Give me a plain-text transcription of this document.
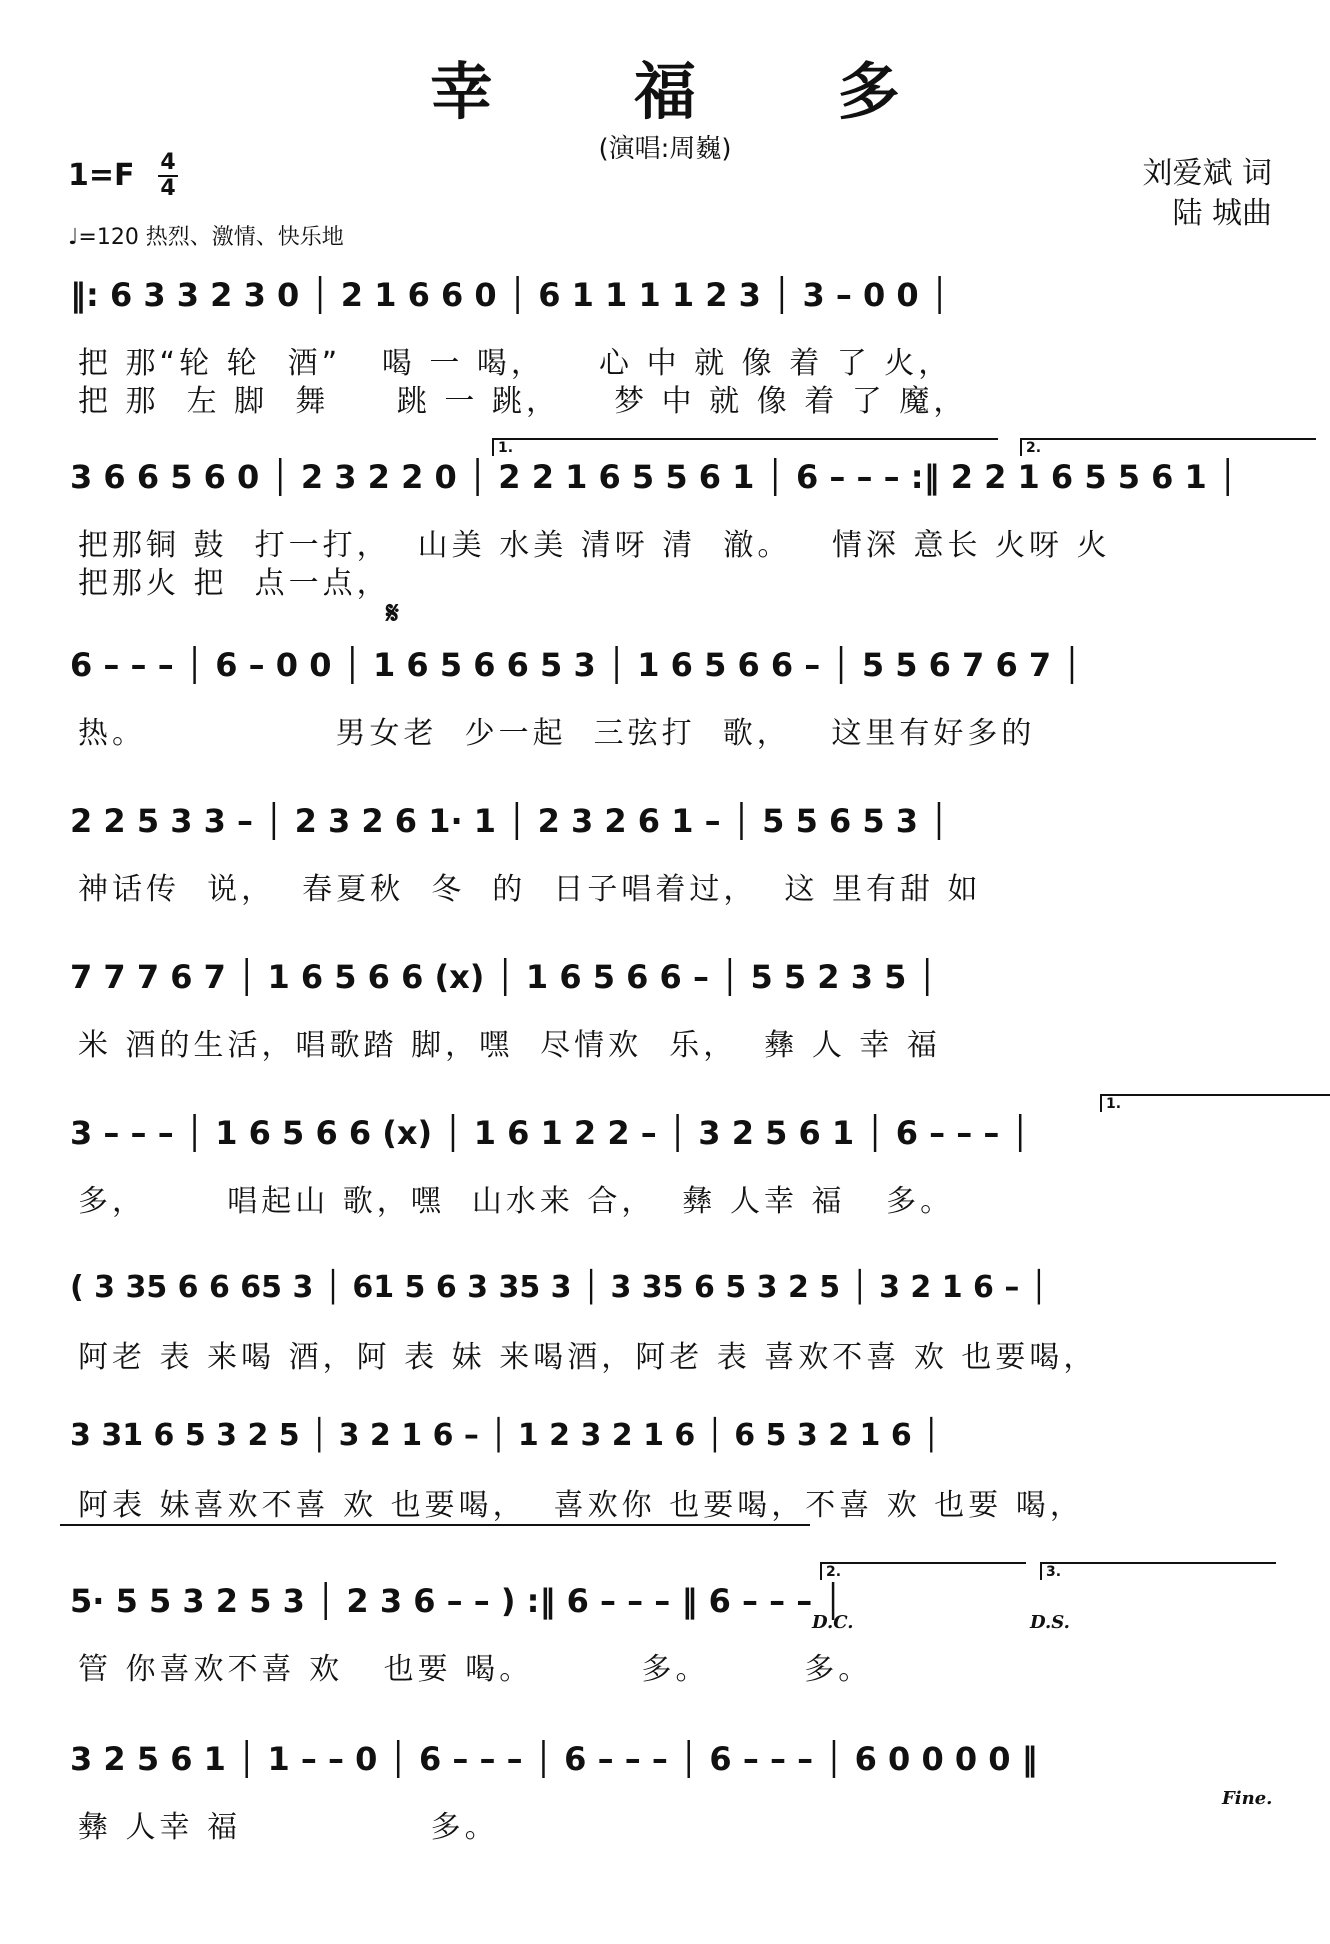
幸 福 多
(演唱:周巍)
刘爱斌 词
陆 城曲
1=F 4
4
♩=120 热烈、激情、快乐地
‖: 6 3 3 2 3 0 │ 2 1 6 6 0 │ 6 1 1 1 1 2 3 │ 3 – 0 0 │
把 那“轮 轮  酒”   喝 一 喝，    心 中 就 像 着 了 火，
把 那  左 脚  舞     跳 一 跳，    梦 中 就 像 着 了 魔，
1.	2.
3 6 6 5 6 0 │ 2 3 2 2 0 │ 2 2 1 6 5 5 6 1 │ 6 – – – :‖ 2 2 1 6 5 5 6 1 │
把那铜 鼓  打一打，  山美 水美 清呀 清  澈。   情深 意长 火呀 火
把那火 把  点一点，
𝄋
6 – – – │ 6 – 0 0 │ 1 6 5 6 6 5 3 │ 1 6 5 6 6 – │ 5 5 6 7 6 7 │
热。              男女老  少一起  三弦打  歌，   这里有好多的
2 2 5 3 3 – │ 2 3 2 6 1· 1 │ 2 3 2 6 1 – │ 5 5 6 5 3 │
神话传  说，  春夏秋  冬  的  日子唱着过，  这 里有甜 如
7 7 7 6 7 │ 1 6 5 6 6 (x) │ 1 6 5 6 6 – │ 5 5 2 3 5 │
米 酒的生活，唱歌踏 脚，嘿  尽情欢  乐，  彝 人 幸 福
1.
3 – – – │ 1 6 5 6 6 (x) │ 1 6 1 2 2 – │ 3 2 5 6 1 │ 6 – – – │
多，      唱起山 歌，嘿  山水来 合，  彝 人幸 福   多。
( 3 35 6 6 65 3 │ 61 5 6 3 35 3 │ 3 35 6 5 3 2 5 │ 3 2 1 6 – │
阿老 表 来喝 酒，阿 表 妹 来喝酒，阿老 表 喜欢不喜 欢 也要喝，
3 31 6 5 3 2 5 │ 3 2 1 6 – │ 1 2 3 2 1 6 │ 6 5 3 2 1 6 │
阿表 妹喜欢不喜 欢 也要喝，  喜欢你 也要喝，不喜 欢 也要 喝，
2.	3.
5· 5 5 3 2 5 3 │ 2 3 6 – – ) :‖ 6 – – – ‖ 6 – – – │
D.C.	D.S.
管 你喜欢不喜 欢   也要 喝。        多。       多。
3 2 5 6 1 │ 1 – – 0 │ 6 – – – │ 6 – – – │ 6 – – – │ 6 0 0 0 0 ‖
Fine.
彝 人幸 福              多。
